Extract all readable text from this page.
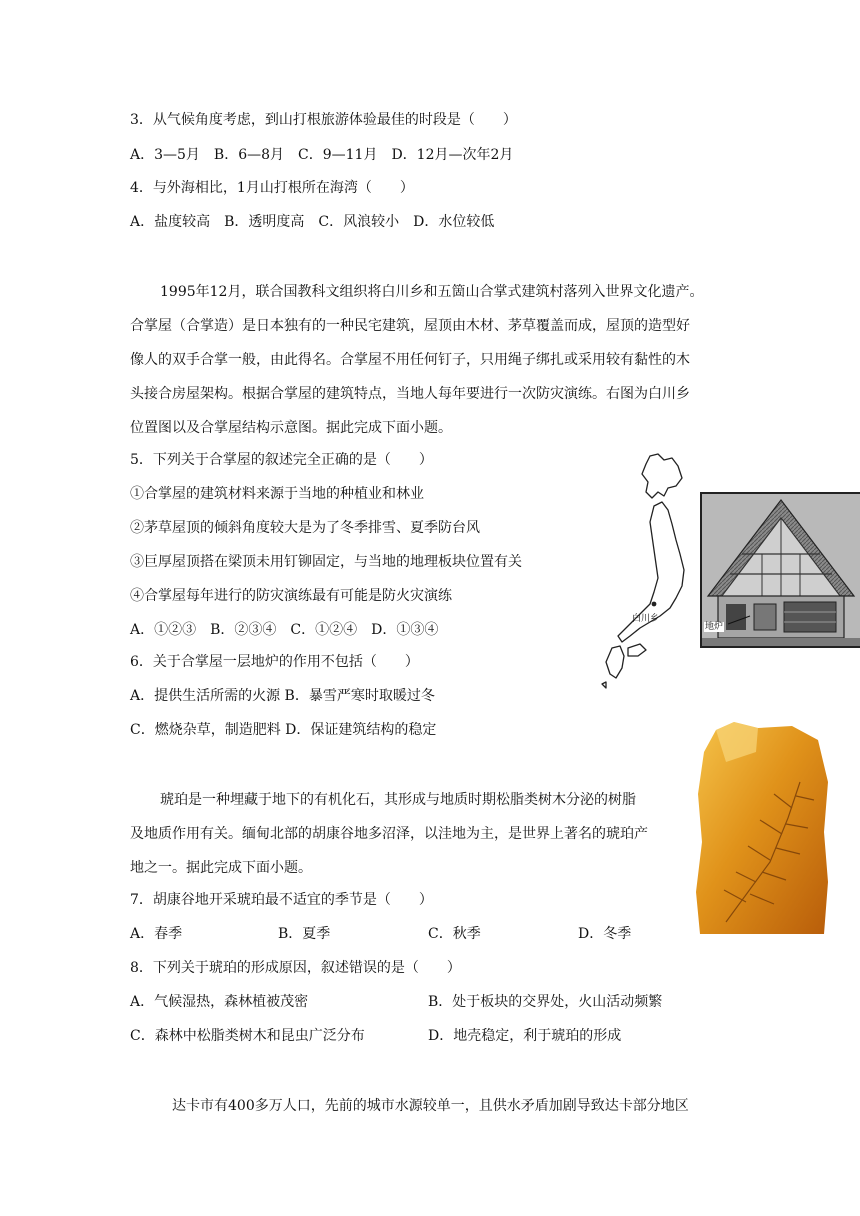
3．从气候角度考虑，到山打根旅游体验最佳的时段是（　　）
A．3—5月　B．6—8月　C．9—11月　D．12月—次年2月
4．与外海相比，1月山打根所在海湾（　　）
A．盐度较高　B．透明度高　C．风浪较小　D．水位较低
1995年12月，联合国教科文组织将白川乡和五箇山合掌式建筑村落列入世界文化遗产。
合掌屋（合掌造）是日本独有的一种民宅建筑，屋顶由木材、茅草覆盖而成，屋顶的造型好
像人的双手合掌一般，由此得名。合掌屋不用任何钉子，只用绳子绑扎或采用较有黏性的木
头接合房屋架构。根据合掌屋的建筑特点，当地人每年要进行一次防灾演练。右图为白川乡
位置图以及合掌屋结构示意图。据此完成下面小题。
5．下列关于合掌屋的叙述完全正确的是（　　）
①合掌屋的建筑材料来源于当地的种植业和林业
②茅草屋顶的倾斜角度较大是为了冬季排雪、夏季防台风
③巨厚屋顶搭在梁顶未用钉铆固定，与当地的地理板块位置有关
④合掌屋每年进行的防灾演练最有可能是防火灾演练
A．①②③　B．②③④　C．①②④　D．①③④
6．关于合掌屋一层地炉的作用不包括（　　）
A．提供生活所需的火源 B．暴雪严寒时取暖过冬
C．燃烧杂草，制造肥料 D．保证建筑结构的稳定
白川乡
地炉
琥珀是一种埋藏于地下的有机化石，其形成与地质时期松脂类树木分泌的树脂
及地质作用有关。缅甸北部的胡康谷地多沼泽，以洼地为主，是世界上著名的琥珀产
地之一。据此完成下面小题。
7．胡康谷地开采琥珀最不适宜的季节是（　　）
A．春季	B．夏季	C．秋季	D．冬季
8．下列关于琥珀的形成原因，叙述错误的是（　　）
A．气候湿热，森林植被茂密	B．处于板块的交界处，火山活动频繁
C．森林中松脂类树木和昆虫广泛分布	D．地壳稳定，利于琥珀的形成
达卡市有400多万人口，先前的城市水源较单一，且供水矛盾加剧导致达卡部分地区
